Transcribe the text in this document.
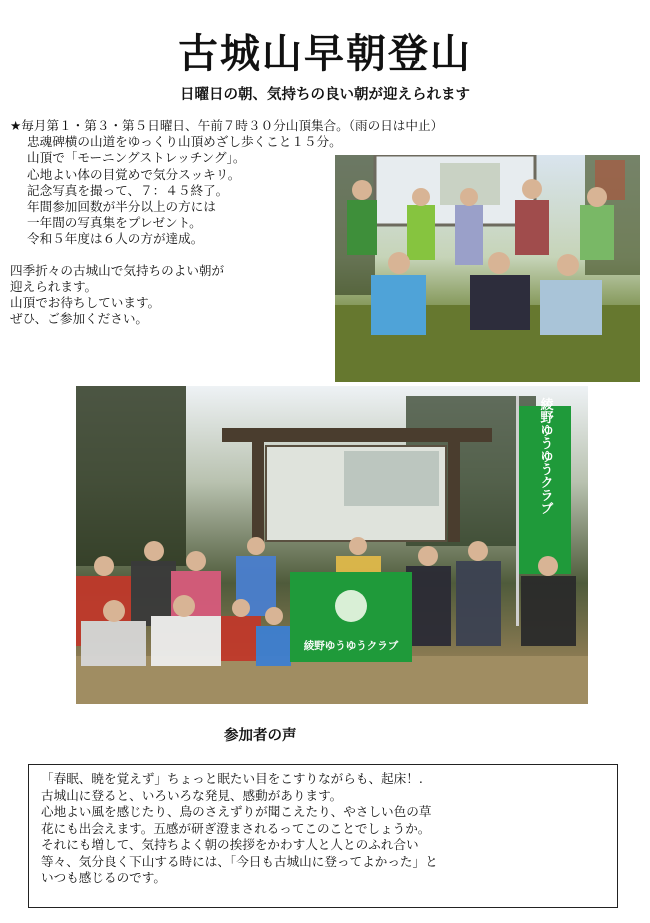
古城山早朝登山
日曜日の朝、気持ちの良い朝が迎えられます
★毎月第１・第３・第５日曜日、午前７時３０分山頂集合。（雨の日は中止）
忠魂碑横の山道をゆっくり山頂めざし歩くこと１５分。
山頂で「モーニングストレッチング」。
心地よい体の目覚めで気分スッキリ。
記念写真を撮って、７：４５終了。
年間参加回数が半分以上の方には
一年間の写真集をプレゼント。
令和５年度は６人の方が達成。
四季折々の古城山で気持ちのよい朝が
迎えられます。
山頂でお待ちしています。
ぜひ、ご参加ください。
綾野ゆうゆうクラブ
綾野ゆうゆうクラブ
参加者の声
「春眠、暁を覚えず」ちょっと眠たい目をこすりながらも、起床！.
古城山に登ると、いろいろな発見、感動があります。
心地よい風を感じたり、鳥のさえずりが聞こえたり、やさしい色の草
花にも出会えます。五感が研ぎ澄まされるってこのことでしょうか。
それにも増して、気持ちよく朝の挨拶をかわす人と人とのふれ合い
等々、気分良く下山する時には、「今日も古城山に登ってよかった」と
いつも感じるのです。
